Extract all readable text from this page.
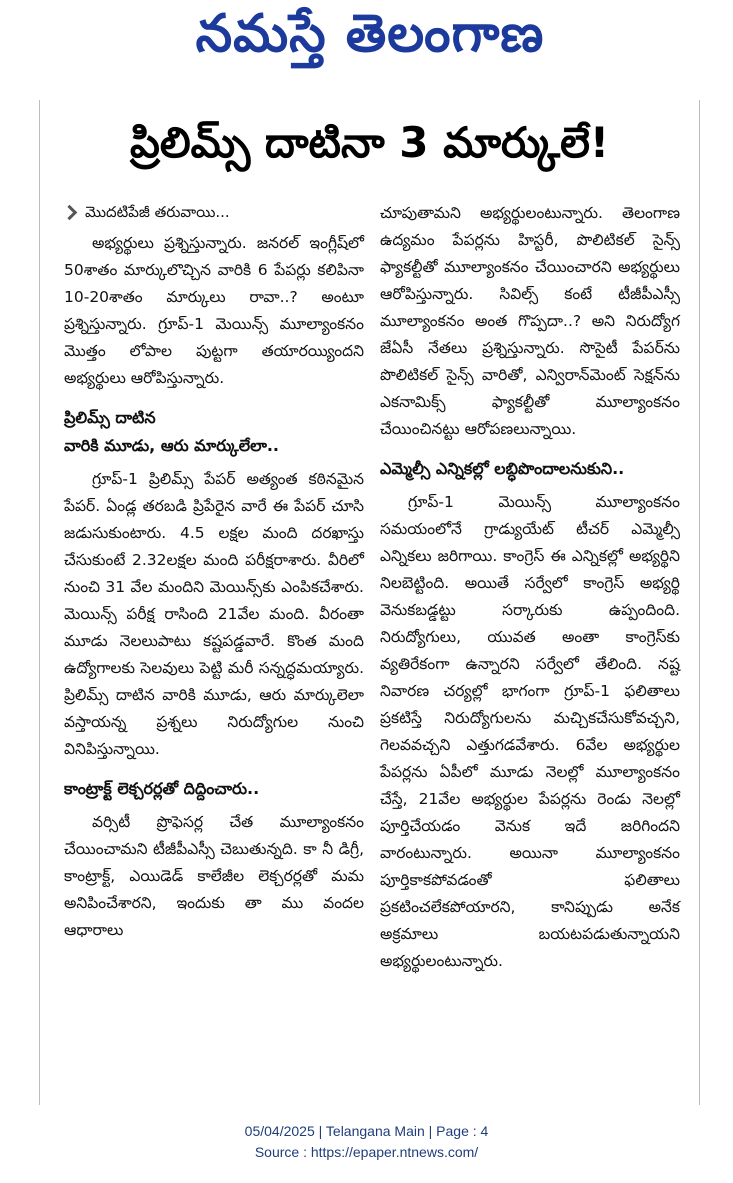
నమస్తే తెలంగాణ
ప్రిలిమ్స్ దాటినా 3 మార్కులే!
మొదటిపేజీ తరువాయి...

అభ్యర్థులు ప్రశ్నిస్తున్నారు. జనరల్ ఇంగ్లీష్‌లో 50శాతం మార్కులొచ్చిన వారికి 6 పేపర్లు కలిపినా 10-20శాతం మార్కులు రావా..? అంటూ ప్రశ్నిస్తున్నారు. గ్రూప్-1 మెయిన్స్ మూల్యాంకనం మొత్తం లోపాల పుట్టగా తయారయ్యిందని అభ్యర్థులు ఆరోపిస్తున్నారు.

ప్రిలిమ్స్ దాటిన

వారికి మూడు, ఆరు మార్కులేలా..

గ్రూప్-1 ప్రిలిమ్స్ పేపర్ అత్యంత కఠినమైన పేపర్. ఏండ్ల తరబడి ప్రిపేరైన వారే ఈ పేపర్ చూసి జడుసుకుంటారు. 4.5 లక్షల మంది దరఖాస్తు చేసుకుంటే 2.32లక్షల మంది పరీక్షరాశారు. వీరిలో నుంచి 31 వేల మందిని మెయిన్స్‌కు ఎంపికచేశారు. మెయిన్స్ పరీక్ష రాసింది 21వేల మంది. వీరంతా మూడు నెలలుపాటు కష్టపడ్డవారే. కొంత మంది ఉద్యోగాలకు సెలవులు పెట్టి మరీ సన్నద్ధమయ్యారు. ప్రిలిమ్స్ దాటిన వారికి మూడు, ఆరు మార్కులెలా వస్తాయన్న ప్రశ్నలు నిరుద్యోగుల నుంచి వినిపిస్తున్నాయి.

కాంట్రాక్ట్ లెక్చరర్లతో దిద్దించారు..

వర్సిటీ ప్రొఫెసర్ల చేత మూల్యాంకనం చేయించామని టీజీపీఎస్సీ చెబుతున్నది. కా నీ డిగ్రీ, కాంట్రాక్ట్, ఎయిడెడ్ కాలేజీల లెక్చరర్లతో మమ అనిపించేశారని, ఇందుకు తా ము వందల ఆధారాలు

చూపుతామని అభ్యర్థులంటున్నారు. తెలంగాణ ఉద్యమం పేపర్లను హిస్టరీ, పొలిటికల్ సైన్స్ ఫ్యాకల్టీతో మూల్యాంకనం చేయించారని అభ్యర్థులు ఆరోపిస్తున్నారు. సివిల్స్ కంటే టీజీపీఎస్సీ మూల్యాంకనం అంత గొప్పదా..? అని నిరుద్యోగ జేఏసీ నేతలు ప్రశ్నిస్తున్నారు. సొసైటీ పేపర్‌ను పొలిటికల్ సైన్స్ వారితో, ఎన్విరాన్‌మెంట్ సెక్షన్‌ను ఎకనామిక్స్ ఫ్యాకల్టీతో మూల్యాంకనం చేయించినట్టు ఆరోపణలున్నాయి.

ఎమ్మెల్సీ ఎన్నికల్లో లబ్ధిపొందాలనుకుని..

గ్రూప్-1 మెయిన్స్ మూల్యాంకనం సమయంలోనే గ్రాడ్యుయేట్ టీచర్ ఎమ్మెల్సీ ఎన్నికలు జరిగాయి. కాంగ్రెస్ ఈ ఎన్నికల్లో అభ్యర్థిని నిలబెట్టింది. అయితే సర్వేలో కాంగ్రెస్ అభ్యర్థి వెనుకబడ్డట్టు సర్కారుకు ఉప్పందింది. నిరుద్యోగులు, యువత అంతా కాంగ్రెస్‌కు వ్యతిరేకంగా ఉన్నారని సర్వేలో తేలింది. నష్ట నివారణ చర్యల్లో భాగంగా గ్రూప్-1 ఫలితాలు ప్రకటిస్తే నిరుద్యోగులను మచ్చికచేసుకోవచ్చని, గెలవవచ్చని ఎత్తుగడవేశారు. 6వేల అభ్యర్థుల పేపర్లను ఏపీలో మూడు నెలల్లో మూల్యాంకనం చేస్తే, 21వేల అభ్యర్థుల పేపర్లను రెండు నెలల్లో పూర్తిచేయడం వెనుక ఇదే జరిగిందని వారంటున్నారు. అయినా మూల్యాంకనం పూర్తికాకపోవడంతో ఫలితాలు ప్రకటించలేకపోయారని, కానిప్పుడు అనేక అక్రమాలు బయటపడుతున్నాయని అభ్యర్థులంటున్నారు.

05/04/2025 | Telangana Main | Page : 4
Source : https://epaper.ntnews.com/
